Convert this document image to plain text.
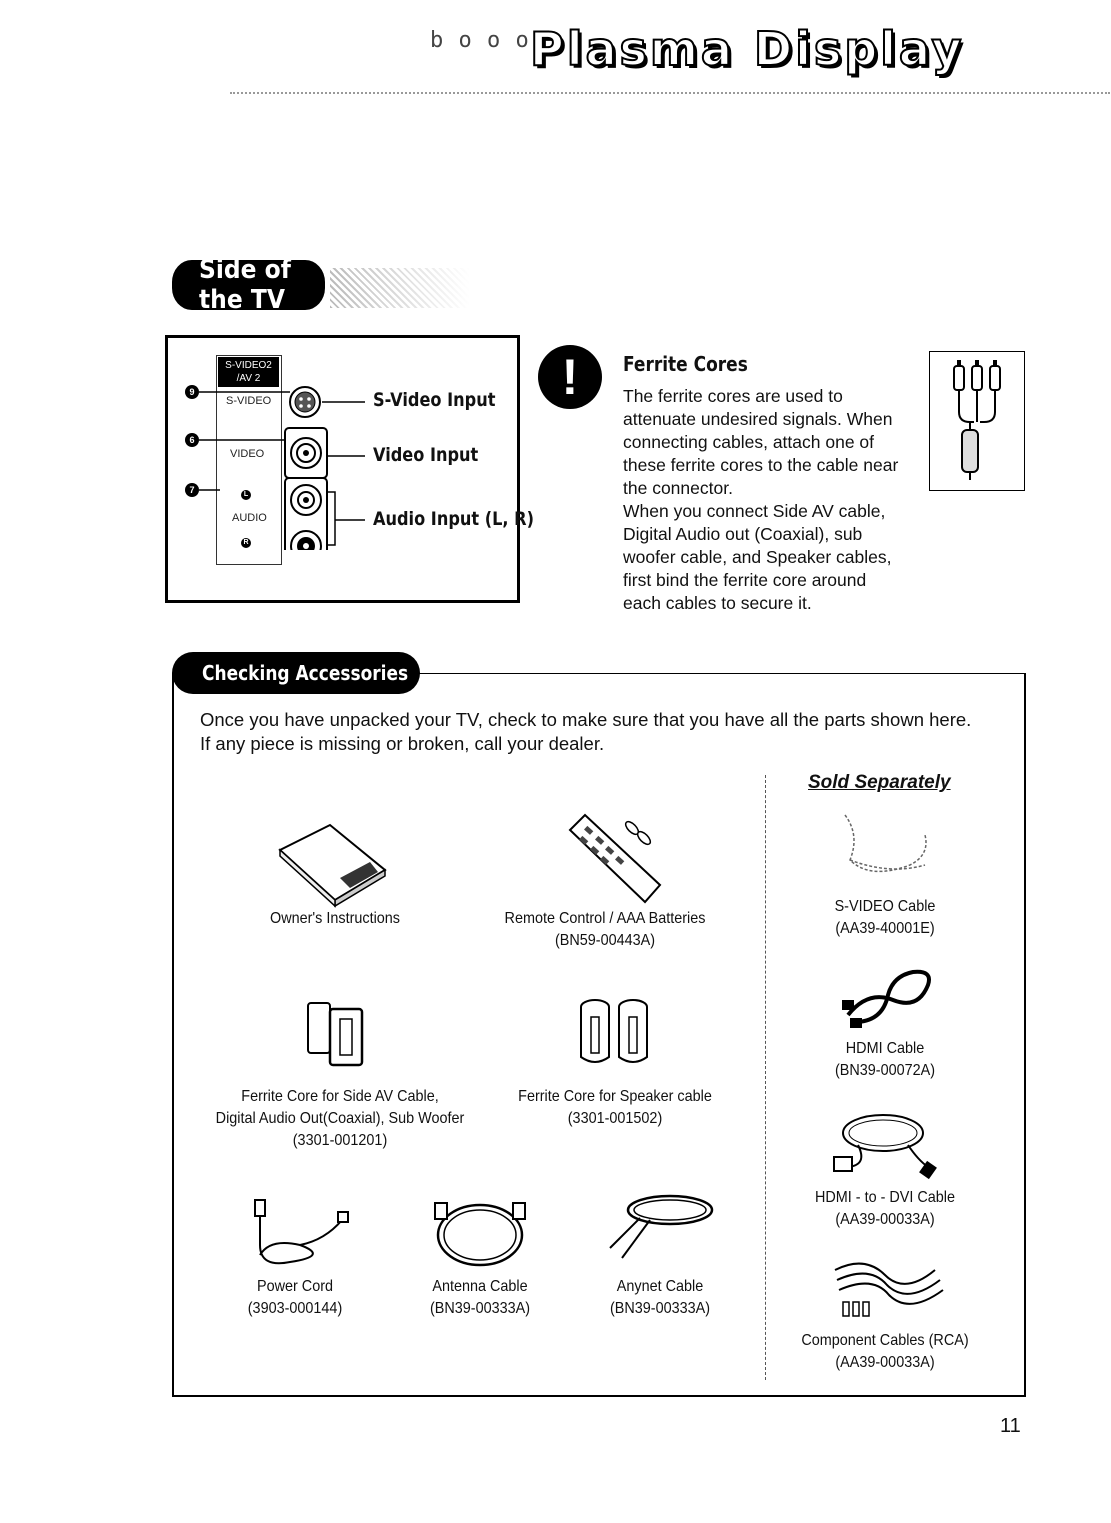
b o o o Plasma Display
Side of the TV
S-VIDEO2
/AV 2
S-VIDEO
VIDEO
AUDIO
L
R
9
6
7
S-Video Input
Video Input
Audio Input (L, R)
!	Ferrite Cores
The ferrite cores are used to
attenuate undesired signals. When
connecting cables, attach one of
these ferrite cores to the cable near
the connector.
When you connect Side AV cable,
Digital Audio out (Coaxial), sub
woofer cable, and Speaker cables,
first bind the ferrite core around
each cables to secure it.
Checking Accessories
Once you have unpacked your TV, check to make sure that you have all the parts shown here.
If any piece is missing or broken, call your dealer.
Sold Separately
Owner's Instructions	Remote Control / AAA Batteries
(BN59-00443A)
Ferrite Core for Side AV Cable,
Digital Audio Out(Coaxial), Sub Woofer
(3301-001201)
Ferrite Core for Speaker cable
(3301-001502)
Power Cord
(3903-000144)
Antenna Cable
(BN39-00333A)
Anynet Cable
(BN39-00333A)
S-VIDEO Cable
(AA39-40001E)
HDMI Cable
(BN39-00072A)
HDMI - to - DVI Cable
(AA39-00033A)
Component Cables (RCA)
(AA39-00033A)
11
